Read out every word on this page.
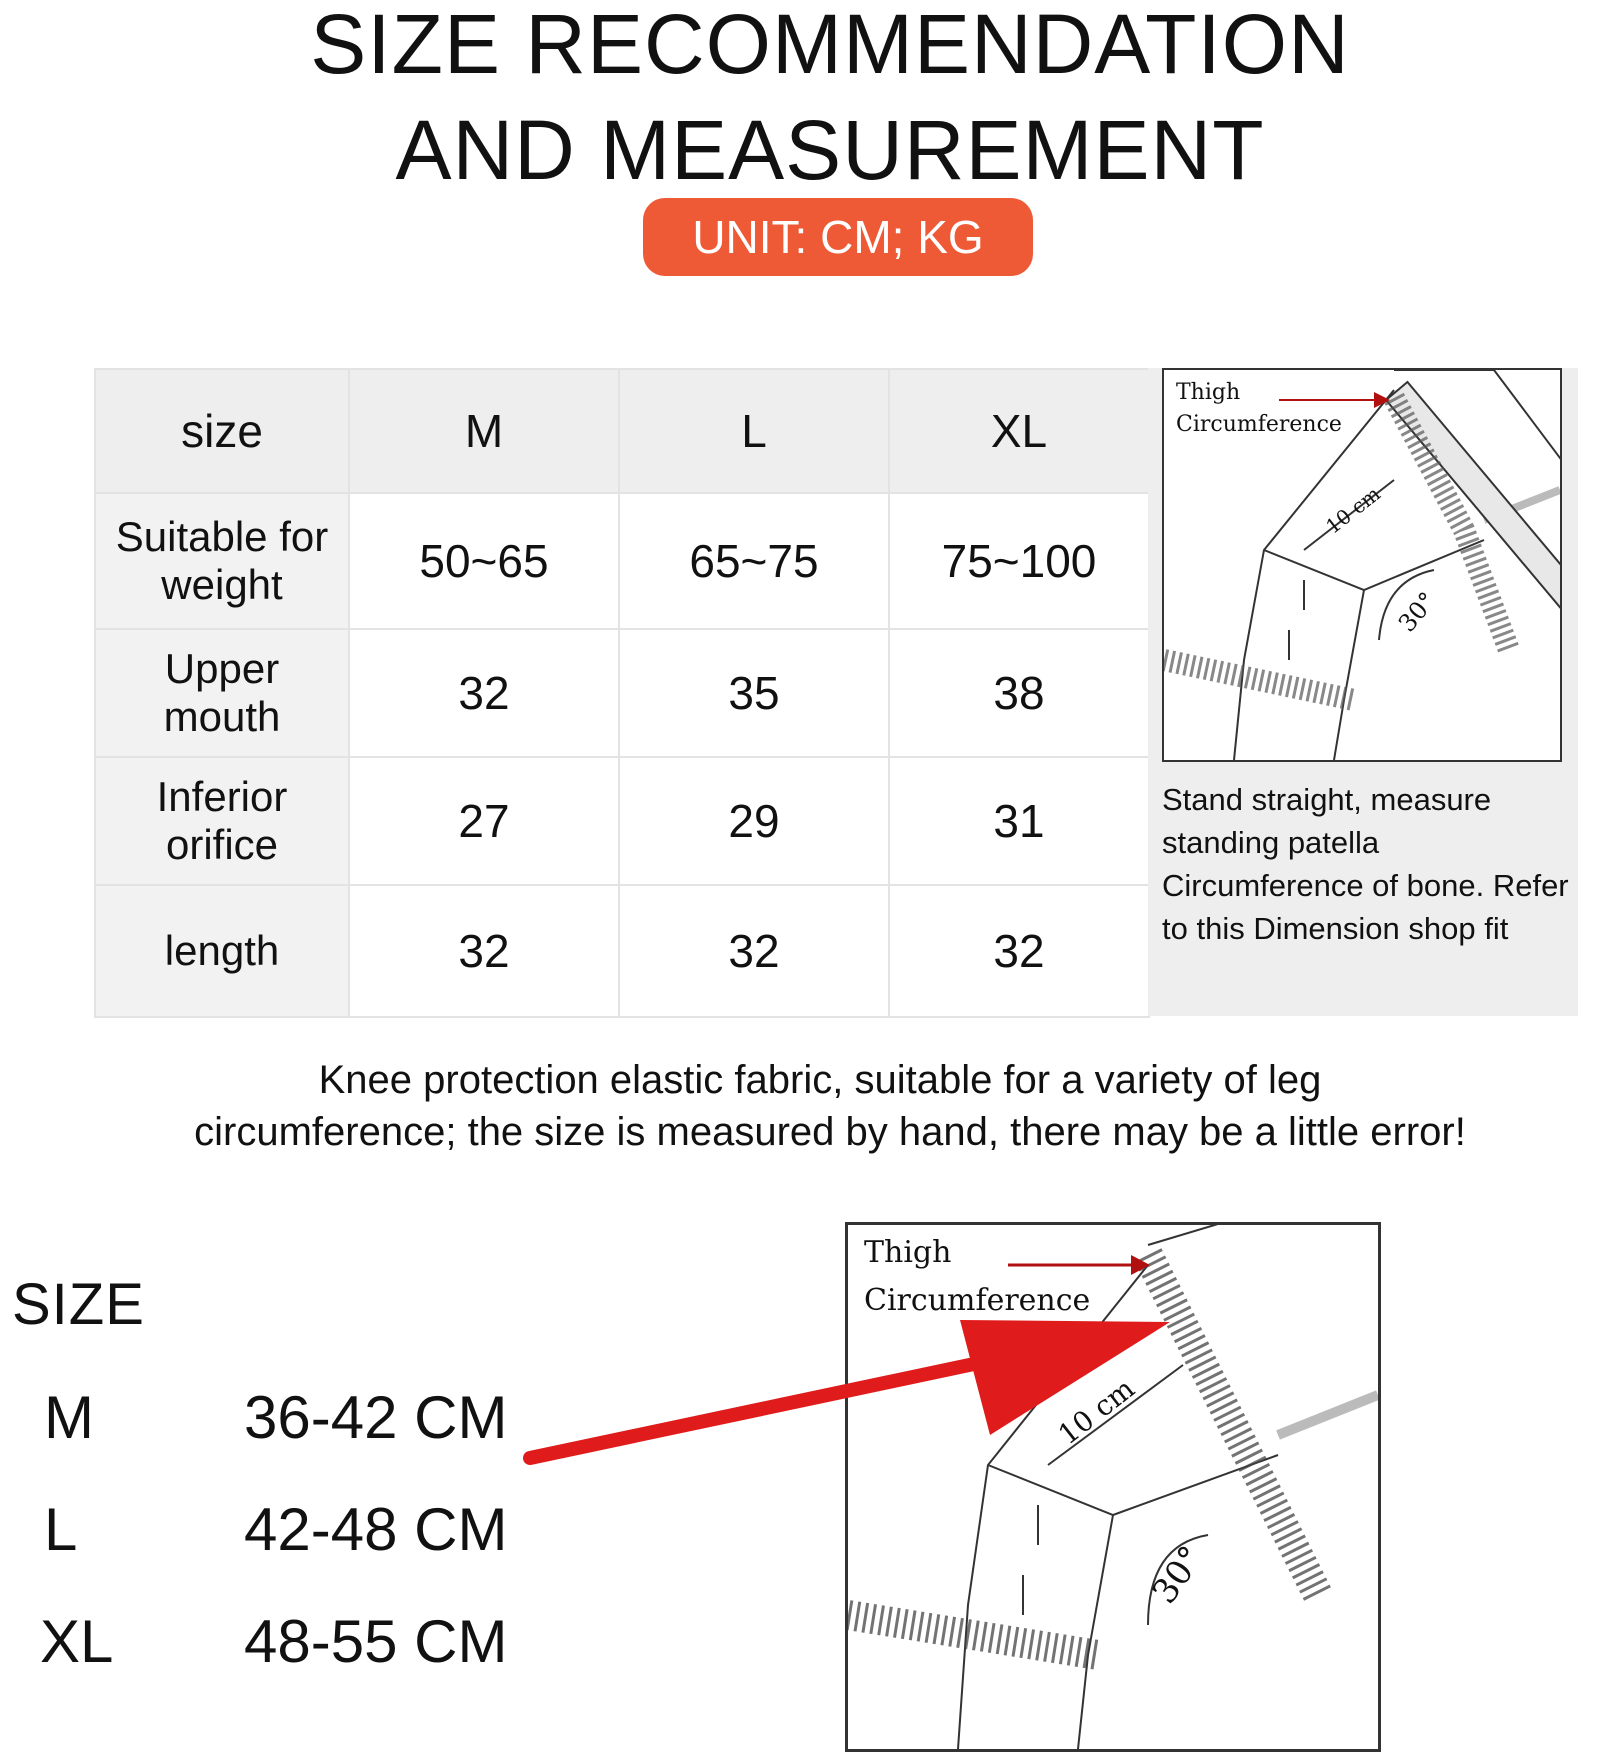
SIZE RECOMMENDATION
AND MEASUREMENT
UNIT: CM; KG
size	M	L	XL
Suitable for
weight	50~65	65~75	75~100
Upper
mouth	32	35	38
Inferior
orifice	27	29	31
length	32	32	32
Thigh
Circumference
10 cm
30°
Stand straight, measure standing patella Circumference of bone. Refer to this Dimension shop fit
Knee protection elastic fabric, suitable for a variety of leg
circumference; the size is measured by hand, there may be a little error!
SIZE
M	36-42 CM
L	42-48 CM
XL 48-55 CM
Thigh
Circumference
10 cm
30°
